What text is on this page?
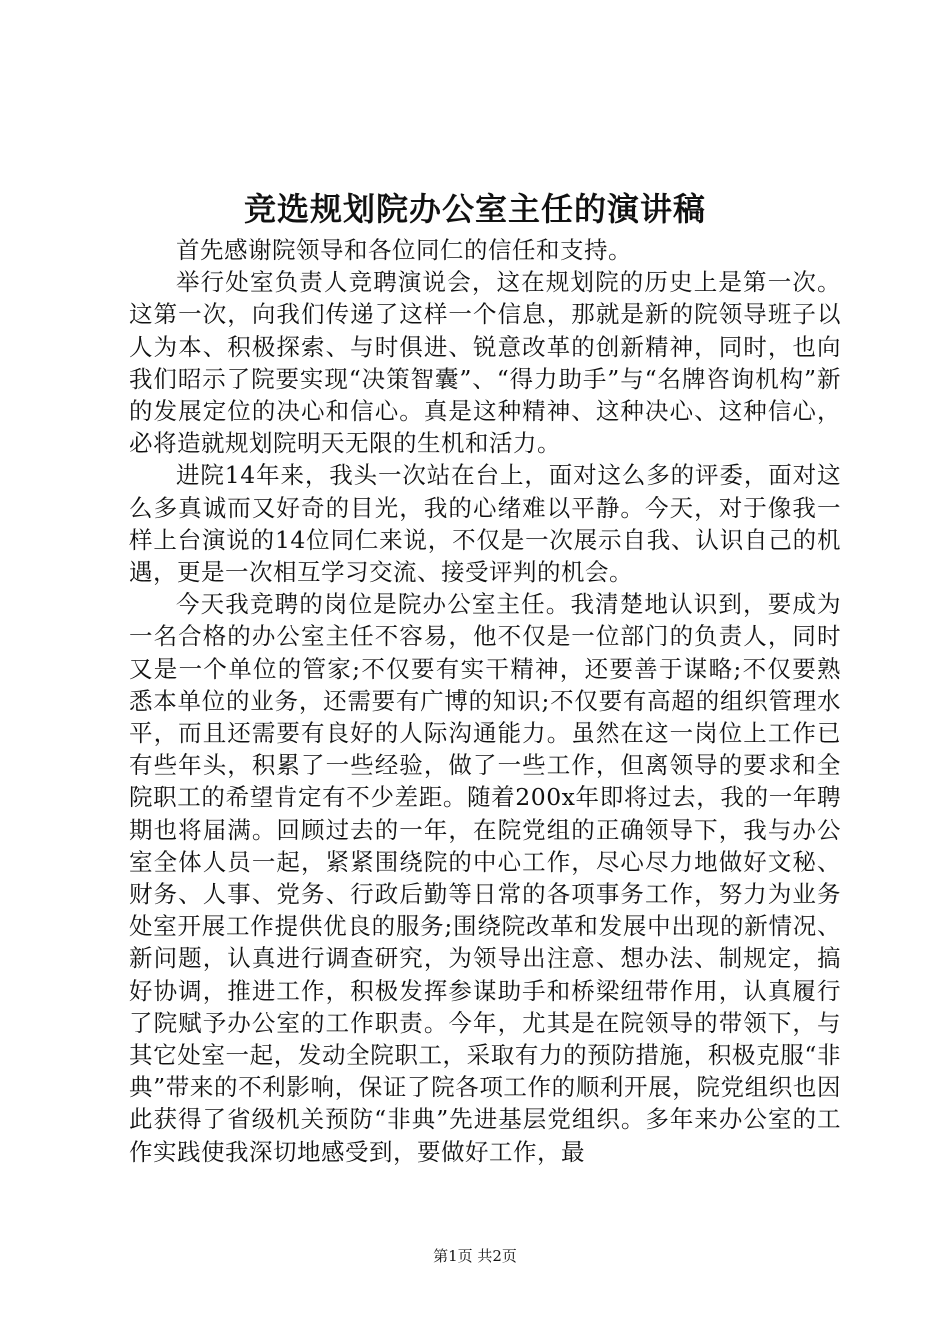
竞选规划院办公室主任的演讲稿

首先感谢院领导和各位同仁的信任和支持。

举行处室负责人竞聘演说会，这在规划院的历史上是第一次。这第一次，向我们传递了这样一个信息，那就是新的院领导班子以人为本、积极探索、与时俱进、锐意改革的创新精神，同时，也向我们昭示了院要实现“决策智囊”、“得力助手”与“名牌咨询机构”新的发展定位的决心和信心。真是这种精神、这种决心、这种信心，必将造就规划院明天无限的生机和活力。

进院14年来，我头一次站在台上，面对这么多的评委，面对这么多真诚而又好奇的目光，我的心绪难以平静。今天，对于像我一样上台演说的14位同仁来说，不仅是一次展示自我、认识自己的机遇，更是一次相互学习交流、接受评判的机会。

今天我竞聘的岗位是院办公室主任。我清楚地认识到，要成为一名合格的办公室主任不容易，他不仅是一位部门的负责人，同时又是一个单位的管家;不仅要有实干精神，还要善于谋略;不仅要熟悉本单位的业务，还需要有广博的知识;不仅要有高超的组织管理水平，而且还需要有良好的人际沟通能力。虽然在这一岗位上工作已有些年头，积累了一些经验，做了一些工作，但离领导的要求和全院职工的希望肯定有不少差距。随着200x年即将过去，我的一年聘期也将届满。回顾过去的一年，在院党组的正确领导下，我与办公室全体人员一起，紧紧围绕院的中心工作，尽心尽力地做好文秘、财务、人事、党务、行政后勤等日常的各项事务工作，努力为业务处室开展工作提供优良的服务;围绕院改革和发展中出现的新情况、新问题，认真进行调查研究，为领导出注意、想办法、制规定，搞好协调，推进工作，积极发挥参谋助手和桥梁纽带作用，认真履行了院赋予办公室的工作职责。今年，尤其是在院领导的带领下，与其它处室一起，发动全院职工，采取有力的预防措施，积极克服“非典”带来的不利影响，保证了院各项工作的顺利开展，院党组织也因此获得了省级机关预防“非典”先进基层党组织。多年来办公室的工作实践使我深切地感受到，要做好工作，最

第1页 共2页
